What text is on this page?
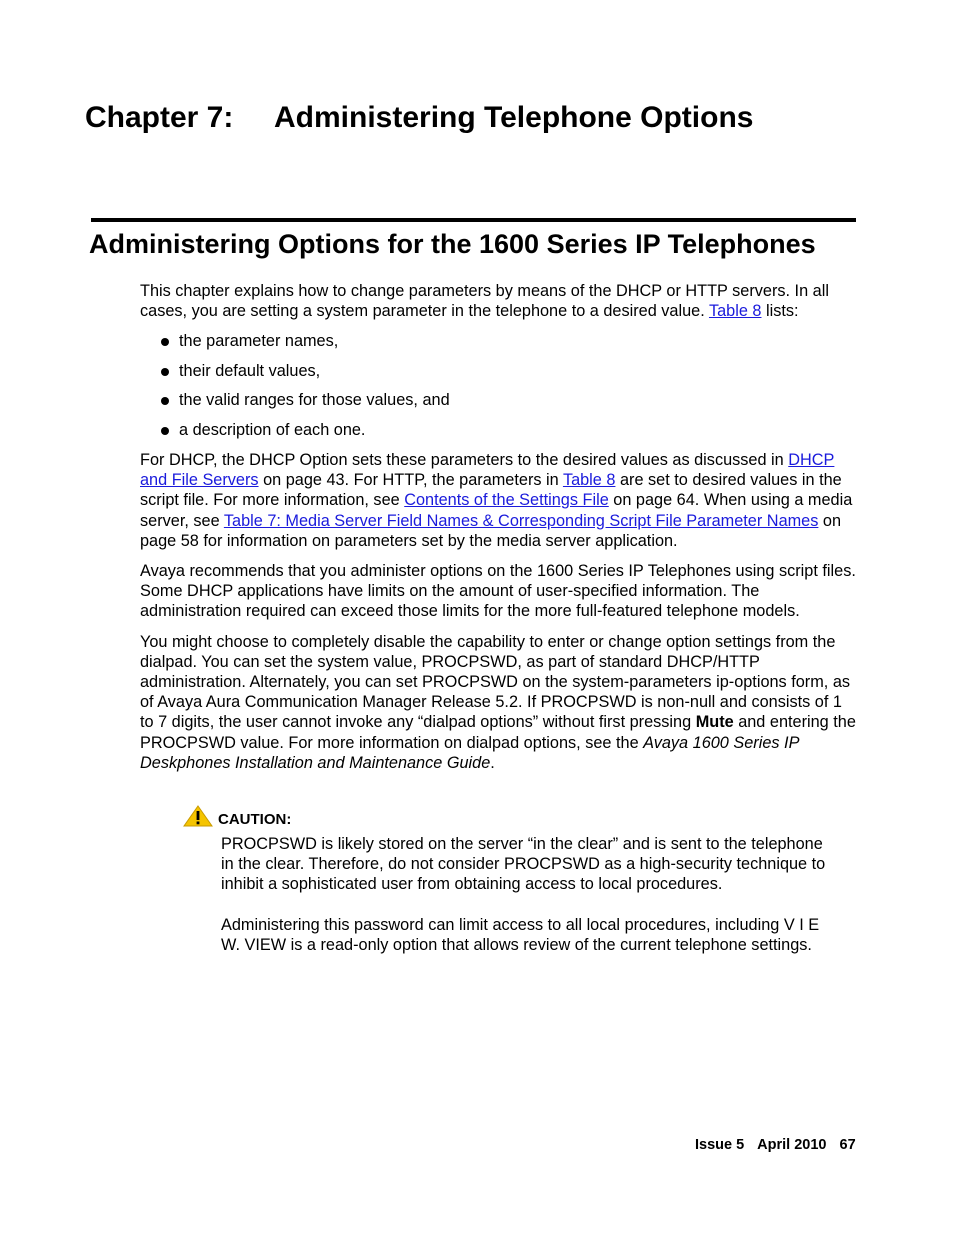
Chapter 7: Administering Telephone Options
Administering Options for the 1600 Series IP Telephones

This chapter explains how to change parameters by means of the DHCP or HTTP servers. In all cases, you are setting a system parameter in the telephone to a desired value. Table 8 lists:

the parameter names,
their default values,
the valid ranges for those values, and
a description of each one.

For DHCP, the DHCP Option sets these parameters to the desired values as discussed in DHCP and File Servers on page 43. For HTTP, the parameters in Table 8 are set to desired values in the script file. For more information, see Contents of the Settings File on page 64. When using a media server, see Table 7: Media Server Field Names & Corresponding Script File Parameter Names on page 58 for information on parameters set by the media server application.

Avaya recommends that you administer options on the 1600 Series IP Telephones using script files. Some DHCP applications have limits on the amount of user-specified information. The administration required can exceed those limits for the more full-featured telephone models.

You might choose to completely disable the capability to enter or change option settings from the dialpad. You can set the system value, PROCPSWD, as part of standard DHCP/HTTP administration. Alternately, you can set PROCPSWD on the system-parameters ip-options form, as of Avaya Aura Communication Manager Release 5.2. If PROCPSWD is non-null and consists of 1 to 7 digits, the user cannot invoke any “dialpad options” without first pressing Mute and entering the PROCPSWD value. For more information on dialpad options, see the Avaya 1600 Series IP Deskphones Installation and Maintenance Guide.

CAUTION:

PROCPSWD is likely stored on the server “in the clear” and is sent to the telephone in the clear. Therefore, do not consider PROCPSWD as a high-security technique to inhibit a sophisticated user from obtaining access to local procedures.

Administering this password can limit access to all local procedures, including V I E W. VIEW is a read-only option that allows review of the current telephone settings.

Issue 5 April 2010 67
